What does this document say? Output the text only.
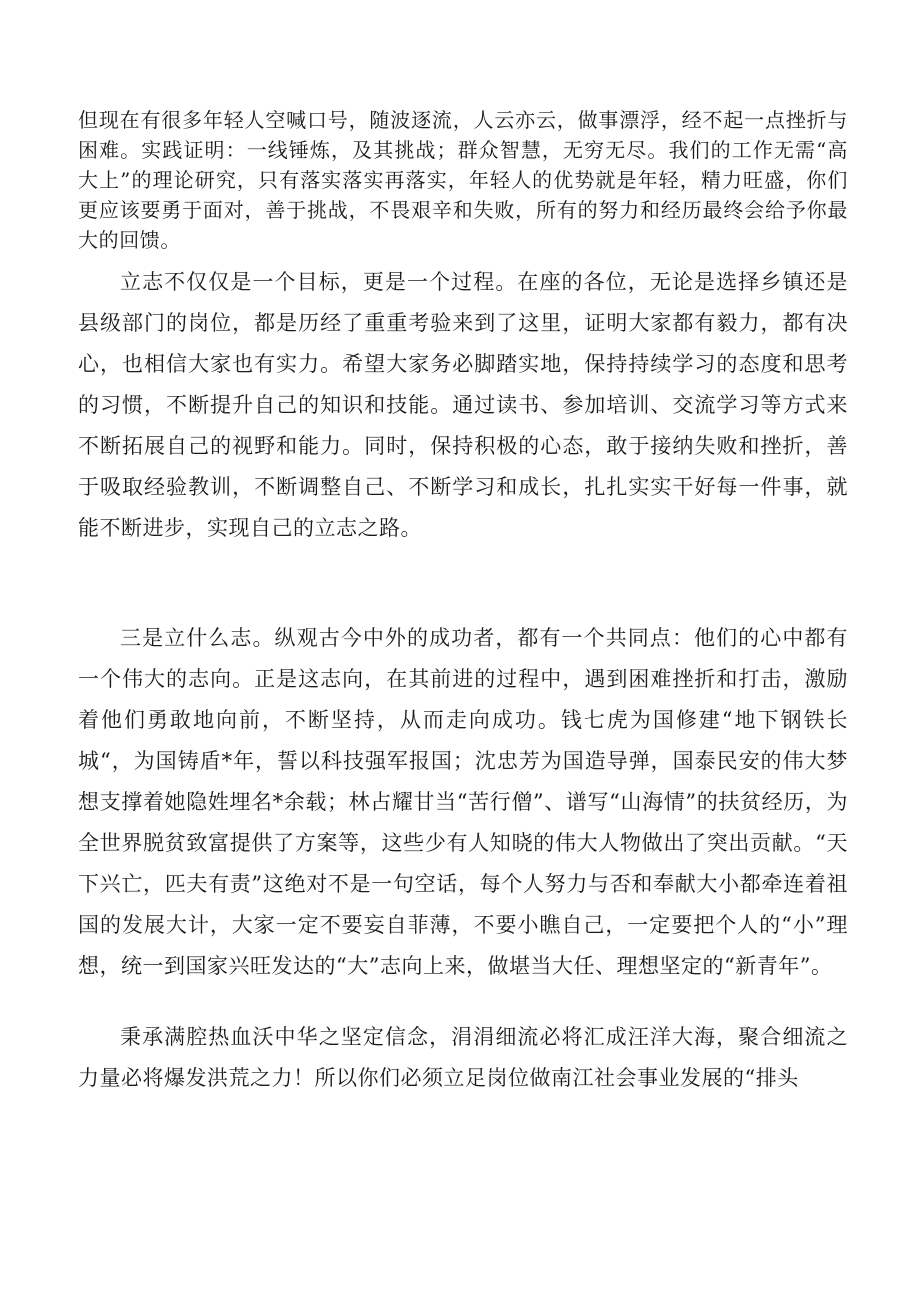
但现在有很多年轻人空喊口号，随波逐流，人云亦云，做事漂浮，经不起一点挫折与困难。实践证明：一线锤炼，及其挑战；群众智慧，无穷无尽。我们的工作无需“高大上”的理论研究，只有落实落实再落实，年轻人的优势就是年轻，精力旺盛，你们更应该要勇于面对，善于挑战，不畏艰辛和失败，所有的努力和经历最终会给予你最大的回馈。

立志不仅仅是一个目标，更是一个过程。在座的各位，无论是选择乡镇还是县级部门的岗位，都是历经了重重考验来到了这里，证明大家都有毅力，都有决心，也相信大家也有实力。希望大家务必脚踏实地，保持持续学习的态度和思考的习惯，不断提升自己的知识和技能。通过读书、参加培训、交流学习等方式来不断拓展自己的视野和能力。同时，保持积极的心态，敢于接纳失败和挫折，善于吸取经验教训，不断调整自己、不断学习和成长，扎扎实实干好每一件事，就能不断进步，实现自己的立志之路。

三是立什么志。纵观古今中外的成功者，都有一个共同点：他们的心中都有一个伟大的志向。正是这志向，在其前进的过程中，遇到困难挫折和打击，激励着他们勇敢地向前，不断坚持，从而走向成功。钱七虎为国修建“地下钢铁长城“，为国铸盾*年，誓以科技强军报国；沈忠芳为国造导弹，国泰民安的伟大梦想支撑着她隐姓埋名*余载；林占耀甘当“苦行僧”、谱写“山海情”的扶贫经历，为全世界脱贫致富提供了方案等，这些少有人知晓的伟大人物做出了突出贡献。“天下兴亡，匹夫有责”这绝对不是一句空话，每个人努力与否和奉献大小都牵连着祖国的发展大计，大家一定不要妄自菲薄，不要小瞧自己，一定要把个人的“小”理想，统一到国家兴旺发达的“大”志向上来，做堪当大任、理想坚定的“新青年”。

秉承满腔热血沃中华之坚定信念，涓涓细流必将汇成汪洋大海，聚合细流之力量必将爆发洪荒之力！所以你们必须立足岗位做南江社会事业发展的“排头
